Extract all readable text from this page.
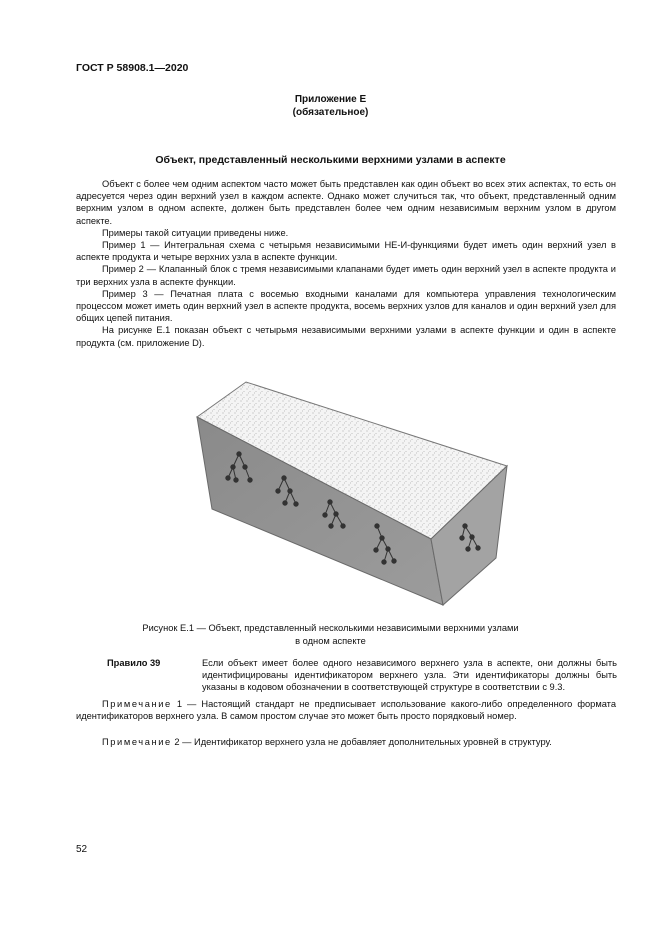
ГОСТ Р 58908.1—2020
Приложение Е
(обязательное)
Объект, представленный несколькими верхними узлами в аспекте

Объект с более чем одним аспектом часто может быть представлен как один объект во всех этих аспектах, то есть он адресуется через один верхний узел в каждом аспекте. Однако может случиться так, что объект, представленный одним верхним узлом в одном аспекте, должен быть представлен более чем одним независимым верхним узлом в другом аспекте.

Примеры такой ситуации приведены ниже.

Пример 1 — Интегральная схема с четырьмя независимыми НЕ-И-функциями будет иметь один верхний узел в аспекте продукта и четыре верхних узла в аспекте функции.

Пример 2 — Клапанный блок с тремя независимыми клапанами будет иметь один верхний узел в аспекте продукта и три верхних узла в аспекте функции.

Пример 3 — Печатная плата с восемью входными каналами для компьютера управления технологическим процессом может иметь один верхний узел в аспекте продукта, восемь верхних узлов для каналов и один верхний узел для общих цепей питания.

На рисунке Е.1 показан объект с четырьмя независимыми верхними узлами в аспекте функции и один в аспекте продукта (см. приложение D).

Рисунок Е.1 — Объект, представленный несколькими независимыми верхними узлами
в одном аспекте
Правило 39	Если объект имеет более одного независимого верхнего узла в аспекте, они должны быть идентифицированы идентификатором верхнего узла. Эти идентификаторы должны быть указаны в кодовом обозначении в соответствующей структуре в соответствии с 9.3.

Примечание 1 — Настоящий стандарт не предписывает использование какого-либо определенного формата идентификаторов верхнего узла. В самом простом случае это может быть просто порядковый номер.

Примечание 2 — Идентификатор верхнего узла не добавляет дополнительных уровней в структуру.

52
